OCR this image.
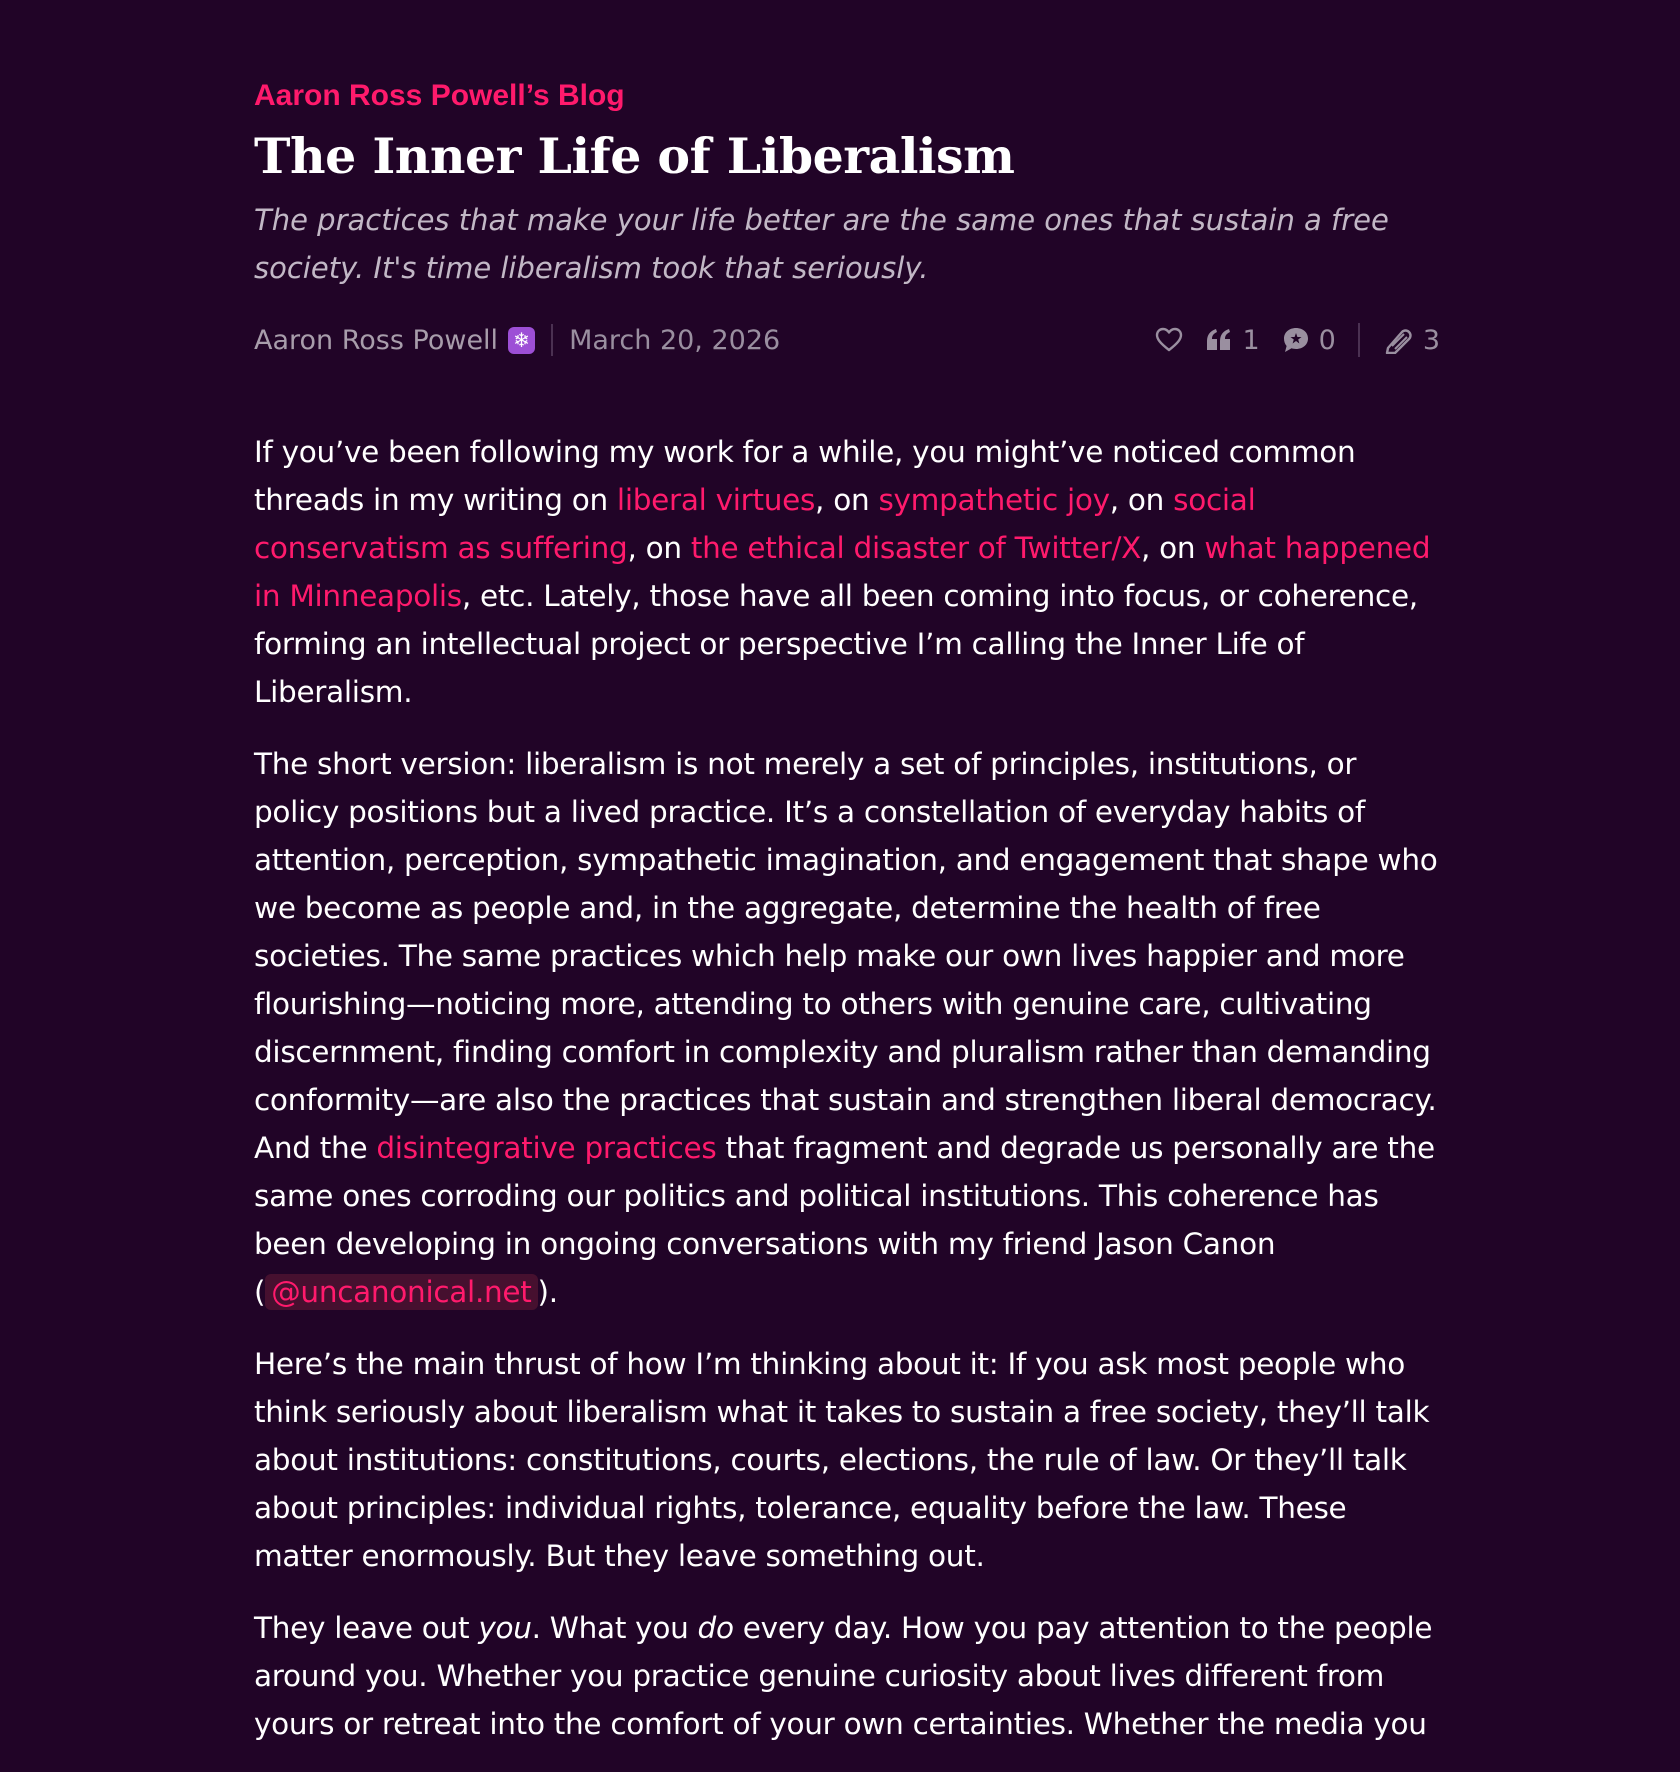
Aaron Ross Powell’s Blog
The Inner Life of Liberalism

The practices that make your life better are the same ones that sustain a free society. It's time liberalism took that seriously.

Aaron Ross Powell ❄ March 20, 2026	1 0	3

If you’ve been following my work for a while, you might’ve noticed common threads in my writing on liberal virtues, on sympathetic joy, on social conservatism as suffering, on the ethical disaster of Twitter/X, on what happened in Minneapolis, etc. Lately, those have all been coming into focus, or coherence, forming an intellectual project or perspective I’m calling the Inner Life of Liberalism.

The short version: liberalism is not merely a set of principles, institutions, or policy positions but a lived practice. It’s a constellation of everyday habits of attention, perception, sympathetic imagination, and engagement that shape who we become as people and, in the aggregate, determine the health of free societies. The same practices which help make our own lives happier and more flourishing—noticing more, attending to others with genuine care, cultivating discernment, finding comfort in complexity and pluralism rather than demanding conformity—are also the practices that sustain and strengthen liberal democracy. And the disintegrative practices that fragment and degrade us personally are the same ones corroding our politics and political institutions. This coherence has been developing in ongoing conversations with my friend Jason Canon ( @uncanonical.net ).

Here’s the main thrust of how I’m thinking about it: If you ask most people who think seriously about liberalism what it takes to sustain a free society, they’ll talk about institutions: constitutions, courts, elections, the rule of law. Or they’ll talk about principles: individual rights, tolerance, equality before the law. These matter enormously. But they leave something out.

They leave out you. What you do every day. How you pay attention to the people around you. Whether you practice genuine curiosity about lives different from yours or retreat into the comfort of your own certainties. Whether the media you
